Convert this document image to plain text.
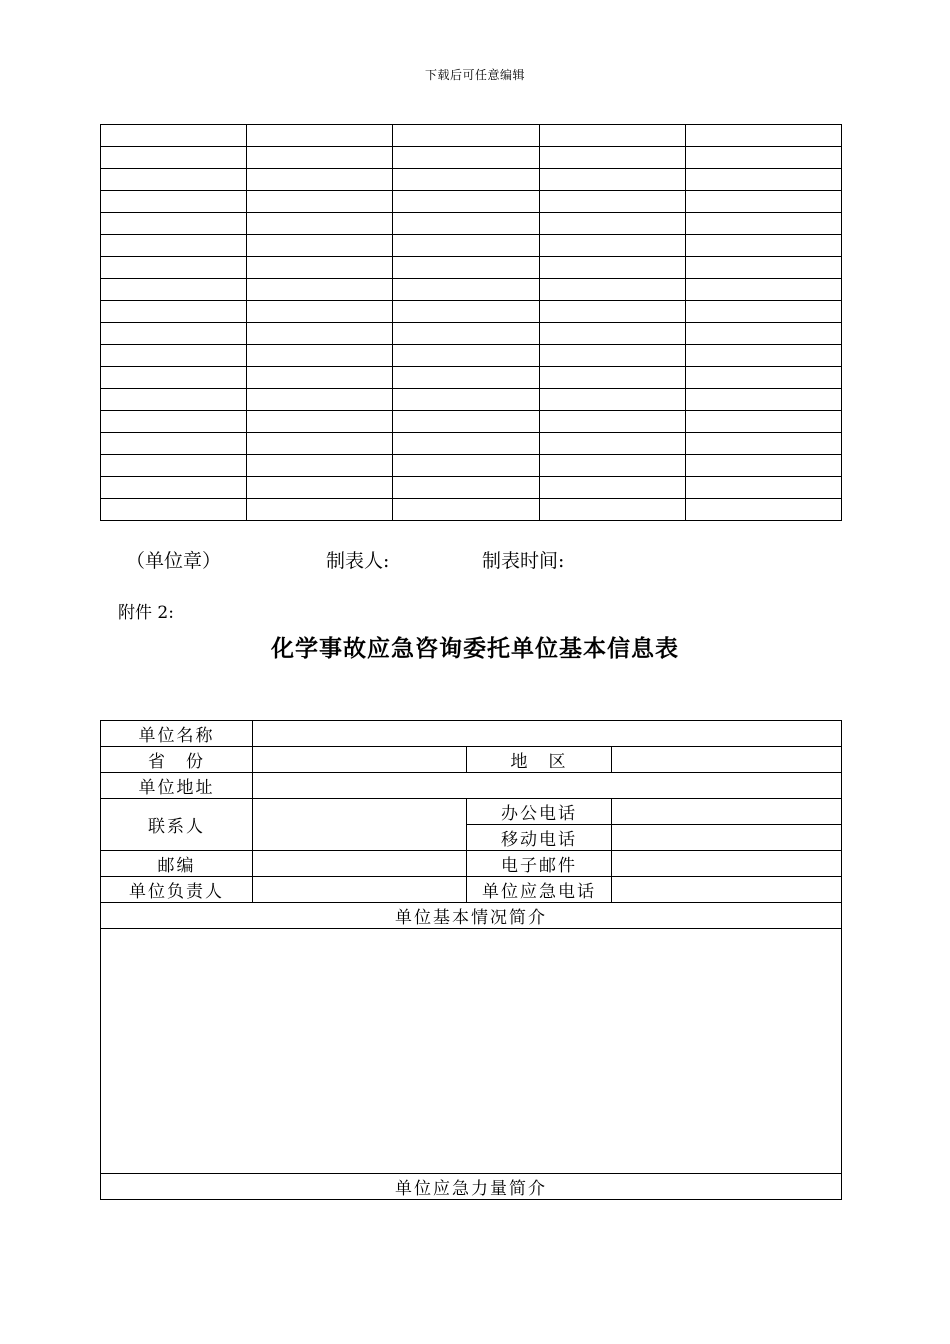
下载后可任意编辑

（单位章）	制表人:	制表时间:
附件 2:
化学事故应急咨询委托单位基本信息表
单位名称			
省　份		地　区	
单位地址			
联系人		办公电话	
		移动电话	
邮编		电子邮件	
单位负责人		单位应急电话	
单位基本情况简介			

单位应急力量简介			
